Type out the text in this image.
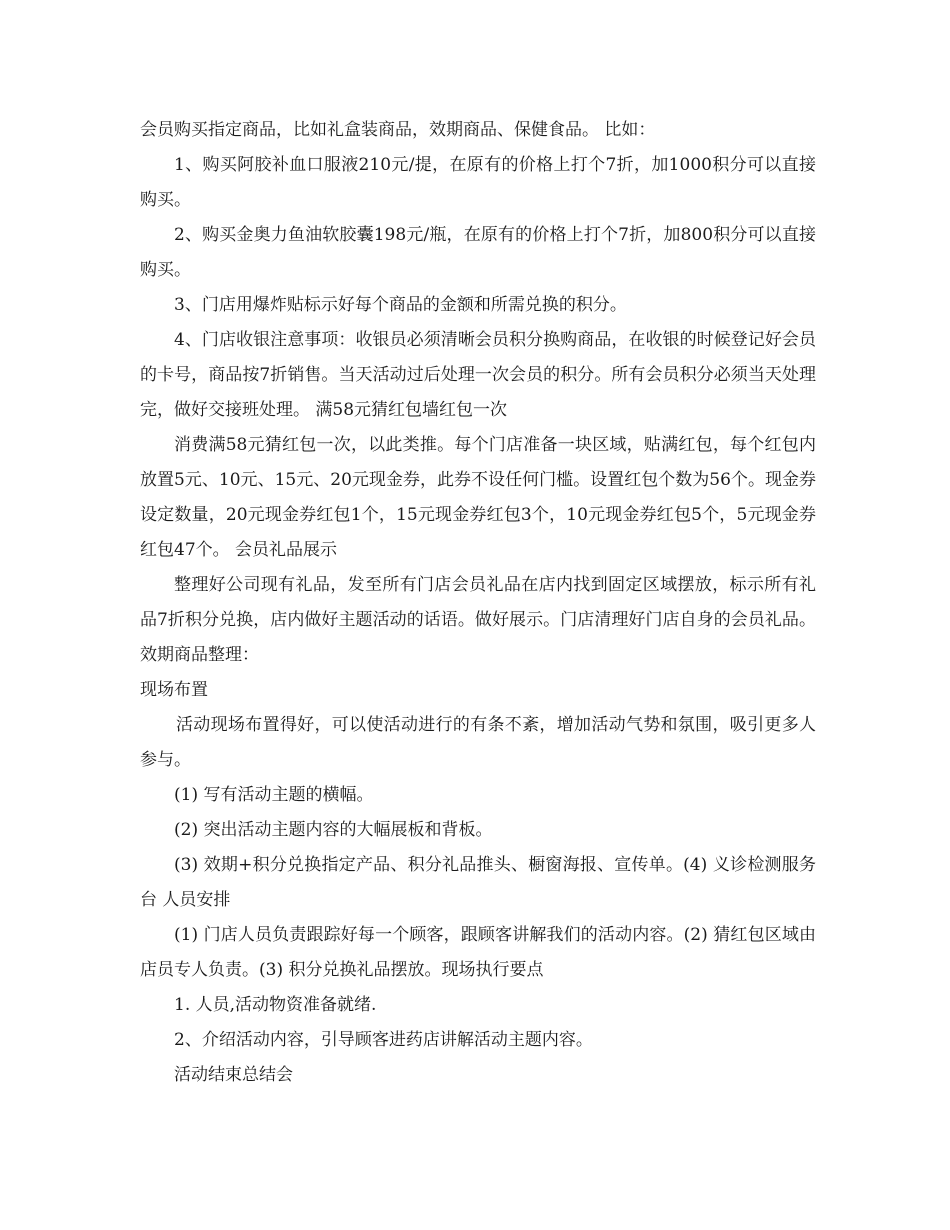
会员购买指定商品，比如礼盒装商品，效期商品、保健食品。 比如：

1、购买阿胶补血口服液210元/提，在原有的价格上打个7折，加1000积分可以直接购买。

2、购买金奥力鱼油软胶囊198元/瓶，在原有的价格上打个7折，加800积分可以直接购买。

3、门店用爆炸贴标示好每个商品的金额和所需兑换的积分。

4、门店收银注意事项：收银员必须清晰会员积分换购商品，在收银的时候登记好会员的卡号，商品按7折销售。当天活动过后处理一次会员的积分。所有会员积分必须当天处理完，做好交接班处理。 满58元猜红包墙红包一次

消费满58元猜红包一次，以此类推。每个门店准备一块区域，贴满红包，每个红包内放置5元、10元、15元、20元现金券，此券不设任何门槛。设置红包个数为56个。现金券设定数量，20元现金券红包1个，15元现金券红包3个，10元现金券红包5个，5元现金券红包47个。 会员礼品展示

整理好公司现有礼品，发至所有门店会员礼品在店内找到固定区域摆放，标示所有礼品7折积分兑换，店内做好主题活动的话语。做好展示。门店清理好门店自身的会员礼品。 效期商品整理：

现场布置

活动现场布置得好，可以使活动进行的有条不紊，增加活动气势和氛围，吸引更多人参与。

(1) 写有活动主题的横幅。

(2) 突出活动主题内容的大幅展板和背板。

(3) 效期+积分兑换指定产品、积分礼品推头、橱窗海报、宣传单。(4) 义诊检测服务台 人员安排

(1) 门店人员负责跟踪好每一个顾客，跟顾客讲解我们的活动内容。(2) 猜红包区域由店员专人负责。(3) 积分兑换礼品摆放。现场执行要点

1. 人员,活动物资准备就绪.

2、介绍活动内容，引导顾客进药店讲解活动主题内容。

活动结束总结会
